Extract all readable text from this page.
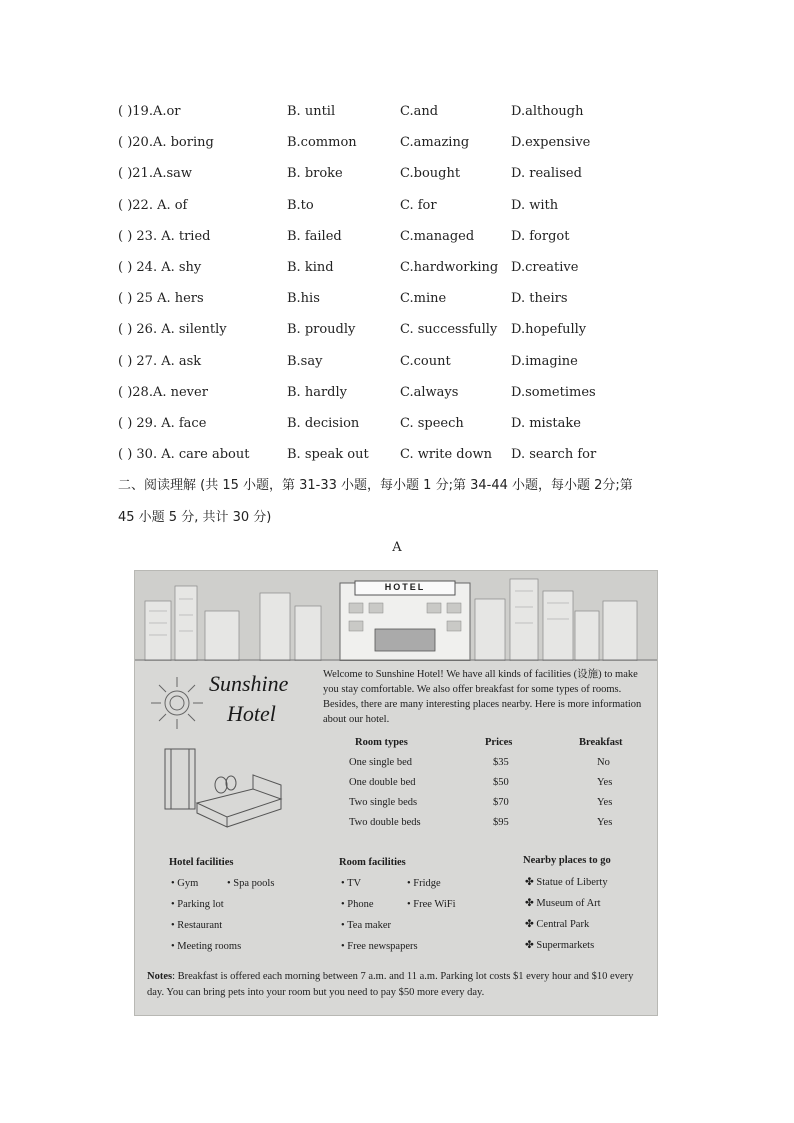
( )19.A.or	B. until	C.and	D.although
( )20.A. boring	B.common	C.amazing	D.expensive
( )21.A.saw	B. broke	C.bought	D. realised
( )22. A. of	B.to	C. for	D. with
( ) 23. A. tried	B. failed	C.managed	D. forgot
( ) 24. A. shy	B. kind	C.hardworking D.creative
( ) 25 A. hers	B.his	C.mine	D. theirs
( ) 26. A. silently	B. proudly	C. successfully D.hopefully
( ) 27. A. ask	B.say	C.count	D.imagine
( )28.A. never	B. hardly	C.always	D.sometimes
( ) 29. A. face	B. decision	C. speech	D. mistake
( ) 30. A. care about	B. speak out C. write down D. search for
二、阅读理解 (共 15 小题，第 31-33 小题，每小题 1 分;第 34-44 小题，每小题 2分;第
45 小题 5 分, 共计 30 分)
A
HOTEL
Sunshine
Hotel
Welcome to Sunshine Hotel! We have all kinds of facilities (设施) to make you stay comfortable. We also offer breakfast for some types of rooms. Besides, there are many interesting places nearby. Here is more information about our hotel.
Room types	Prices	Breakfast
One single bed	$35	No
One double bed	$50	Yes
Two single beds	$70	Yes
Two double beds	$95	Yes
Hotel facilities
• Gym	• Spa pools
• Parking lot
• Restaurant
• Meeting rooms
Room facilities
• TV	• Fridge
• Phone	• Free WiFi
• Tea maker
• Free newspapers
Nearby places to go
✤ Statue of Liberty
✤ Museum of Art
✤ Central Park
✤ Supermarkets
Notes: Breakfast is offered each morning between 7 a.m. and 11 a.m. Parking lot costs $1 every hour and $10 every day. You can bring pets into your room but you need to pay $50 more every day.
